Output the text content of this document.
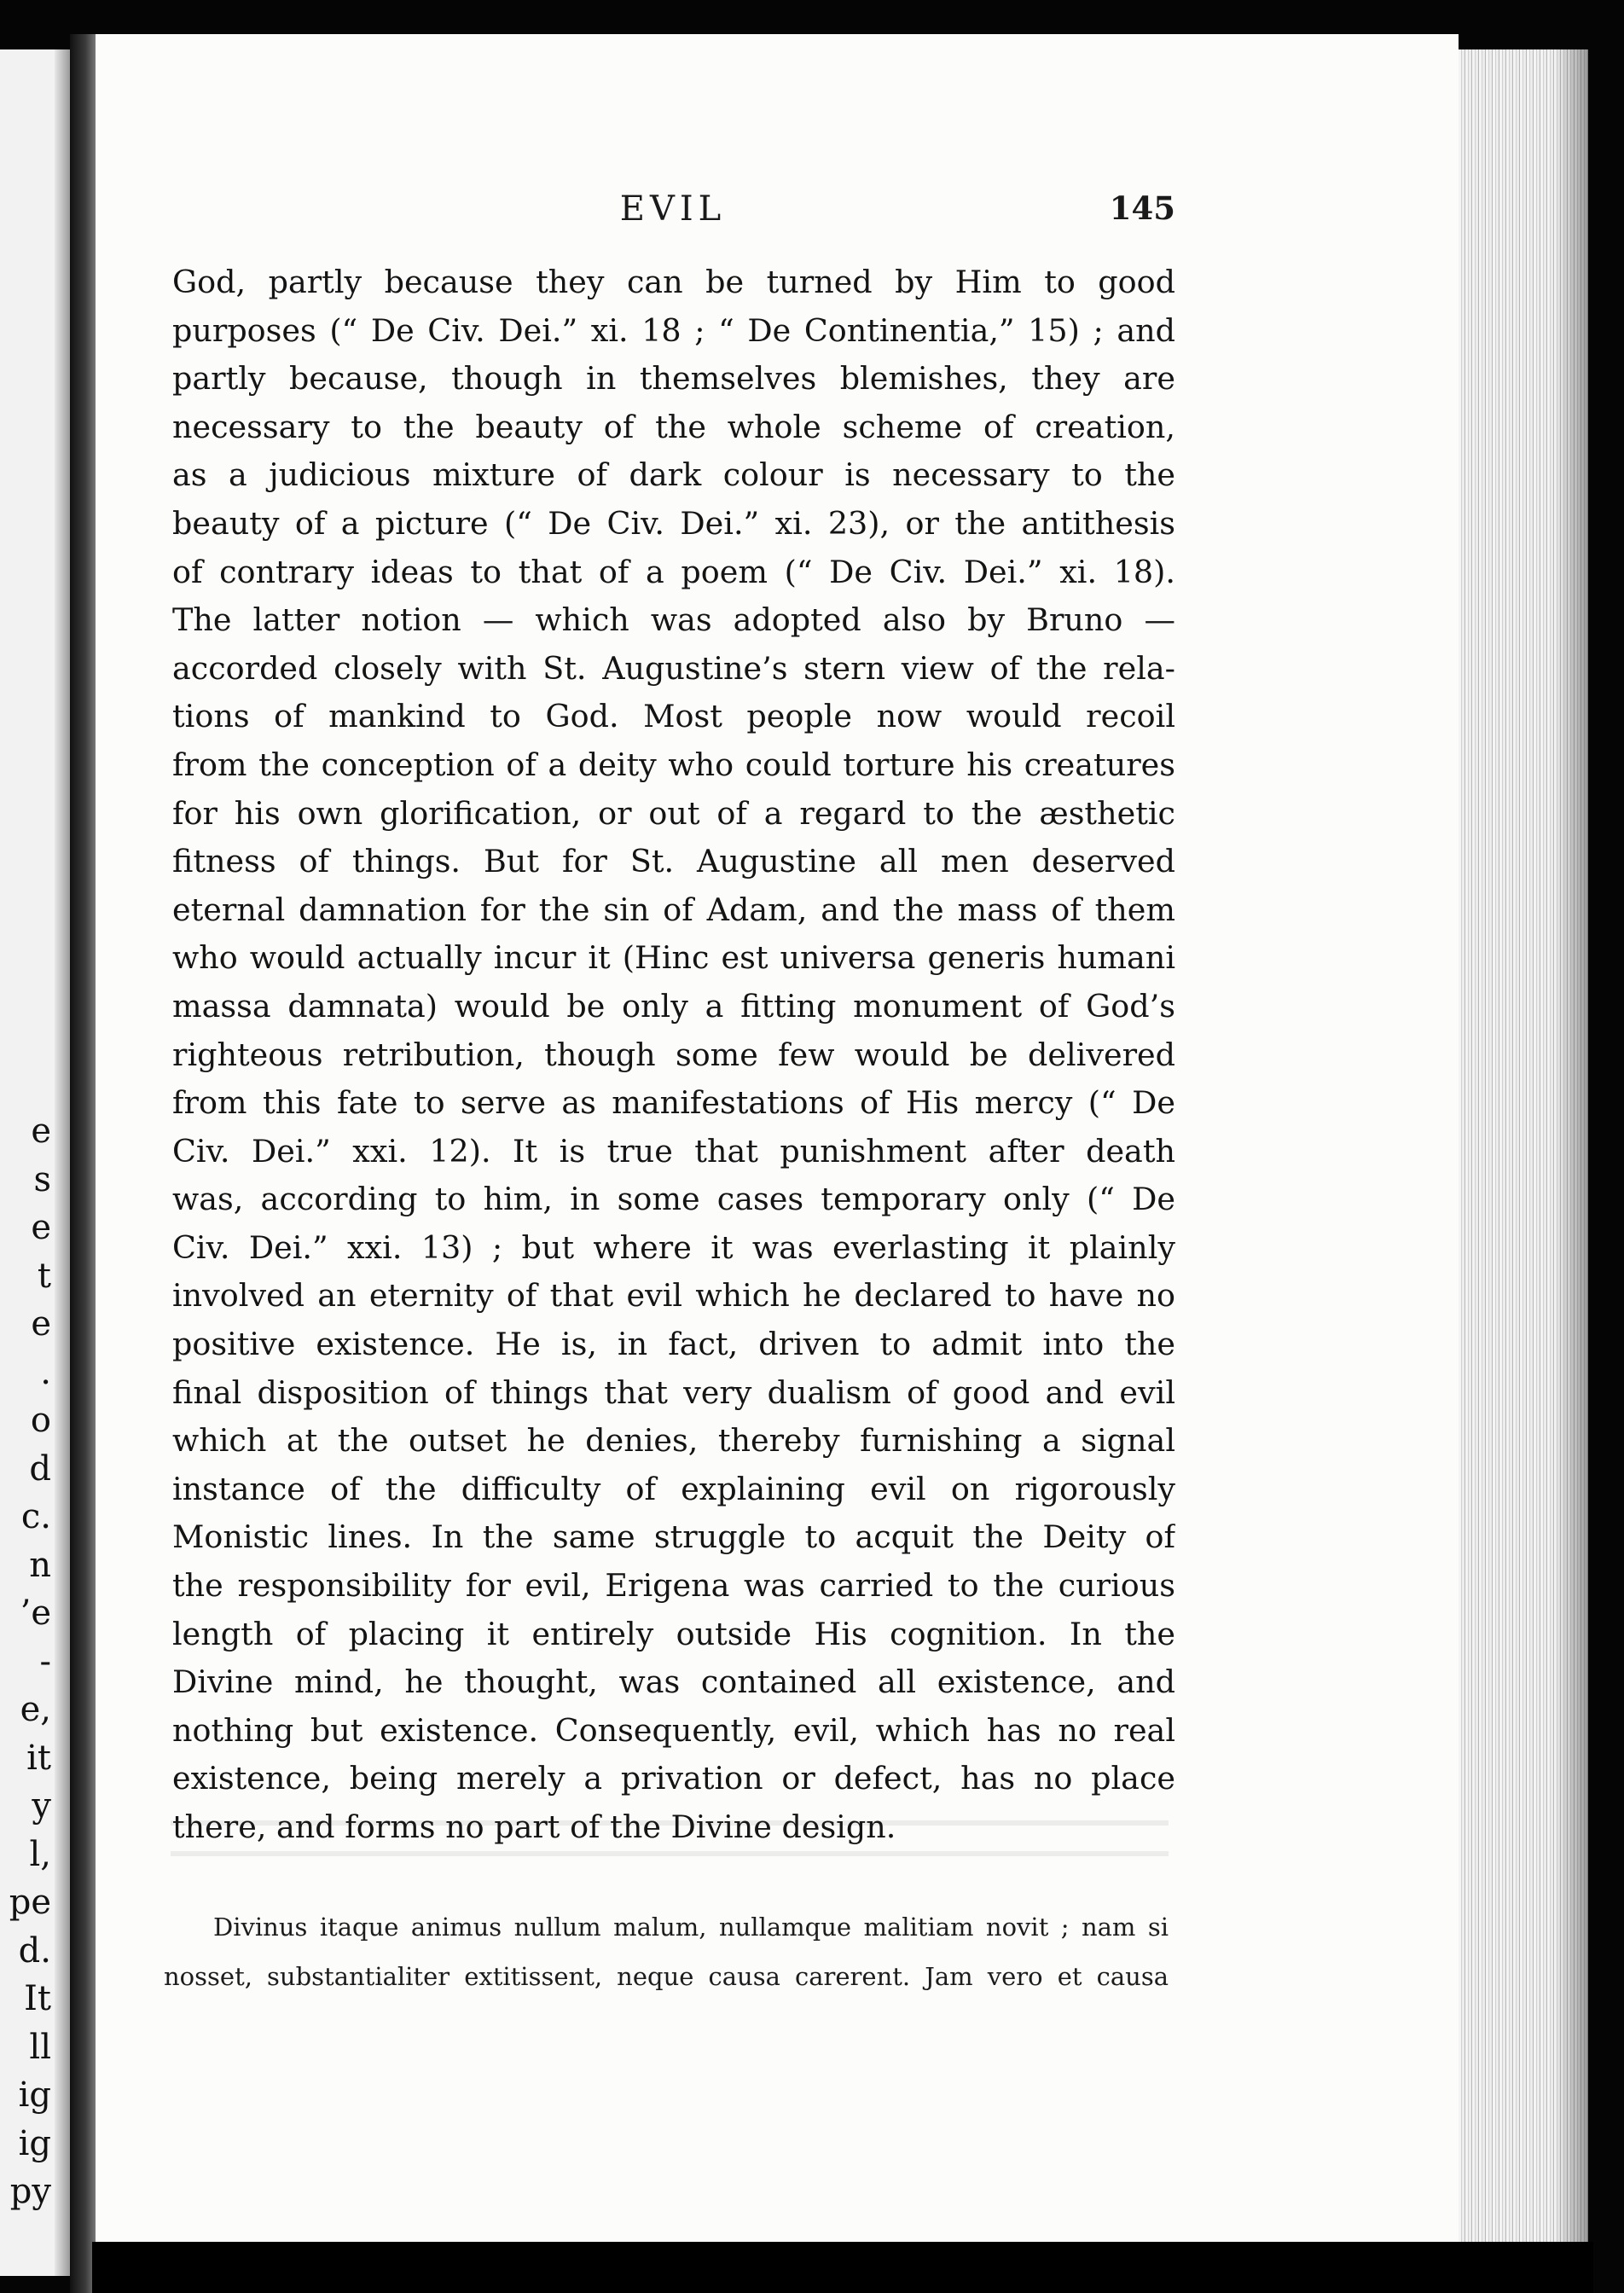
e
s
e
t
e
.
o
d
c.
n
’e
-
e,
it
y
l,
pe
d.
It
ll
ig
ig
py
EVIL	145
God, partly because they can be turned by Him to good
purposes (“ De Civ. Dei.” xi. 18 ; “ De Continentia,” 15) ; and
partly because, though in themselves blemishes, they are
necessary to the beauty of the whole scheme of creation,
as a judicious mixture of dark colour is necessary to the
beauty of a picture (“ De Civ. Dei.” xi. 23), or the antithesis
of contrary ideas to that of a poem (“ De Civ. Dei.” xi. 18).
The latter notion — which was adopted also by Bruno —
accorded closely with St. Augustine’s stern view of the rela-
tions of mankind to God. Most people now would recoil
from the conception of a deity who could torture his creatures
for his own glorification, or out of a regard to the æsthetic
fitness of things. But for St. Augustine all men deserved
eternal damnation for the sin of Adam, and the mass of them
who would actually incur it (Hinc est universa generis humani
massa damnata) would be only a fitting monument of God’s
righteous retribution, though some few would be delivered
from this fate to serve as manifestations of His mercy (“ De
Civ. Dei.” xxi. 12). It is true that punishment after death
was, according to him, in some cases temporary only (“ De
Civ. Dei.” xxi. 13) ; but where it was everlasting it plainly
involved an eternity of that evil which he declared to have no
positive existence. He is, in fact, driven to admit into the
final disposition of things that very dualism of good and evil
which at the outset he denies, thereby furnishing a signal
instance of the difficulty of explaining evil on rigorously
Monistic lines. In the same struggle to acquit the Deity of
the responsibility for evil, Erigena was carried to the curious
length of placing it entirely outside His cognition. In the
Divine mind, he thought, was contained all existence, and
nothing but existence. Consequently, evil, which has no real
existence, being merely a privation or defect, has no place
there, and forms no part of the Divine design.
Divinus itaque animus nullum malum, nullamque malitiam novit ; nam si
nosset, substantialiter extitissent, neque causa carerent. Jam vero et causa
